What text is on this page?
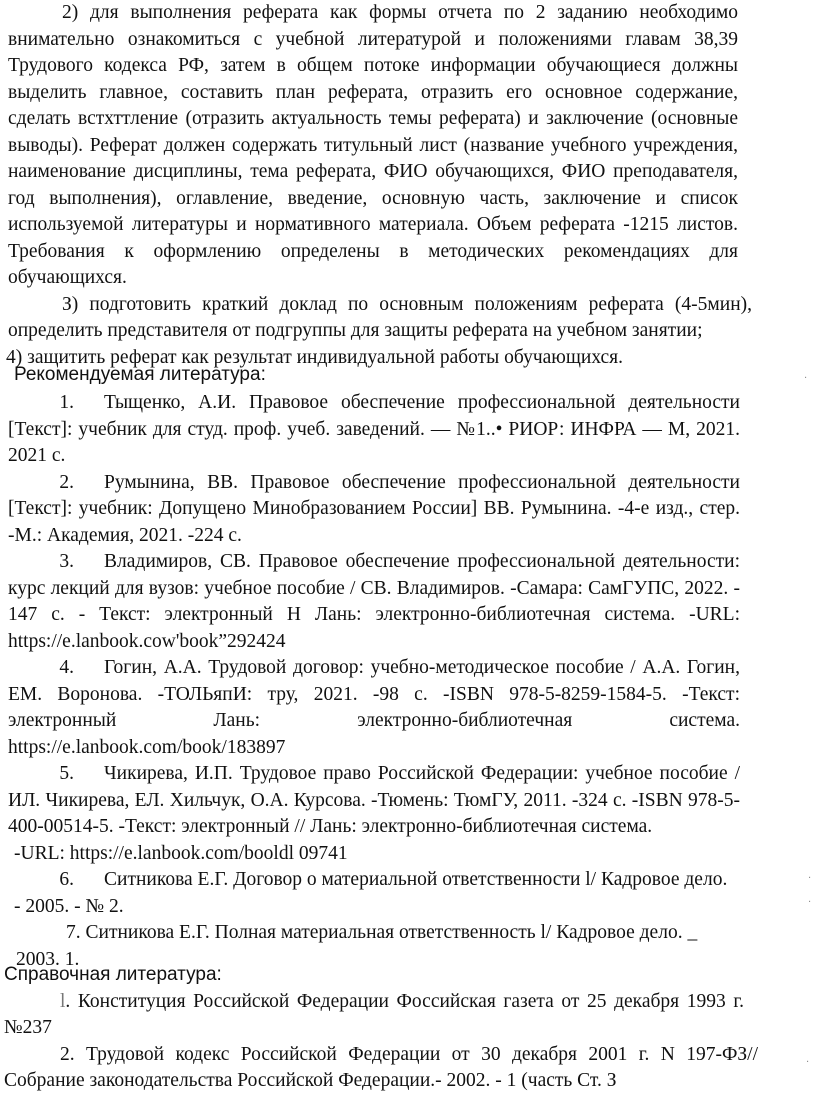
2) для выполнения реферата как формы отчета по 2 заданию необходимо внимательно ознакомиться с учебной литературой и положениями главам 38,39 Трудового кодекса РФ, затем в общем потоке информации обучающиеся должны выделить главное, составить план реферата, отразить его основное содержание, сделать встхттление (отразить актуальность темы реферата) и заключение (основные выводы). Реферат должен содержать титульный лист (название учебного учреждения, наименование дисциплины, тема реферата, ФИО обучающихся, ФИО преподавателя, год выполнения), оглавление, введение, основную часть, заключение и список используемой литературы и нормативного материала. Объем реферата -1215 листов. Требования к оформлению определены в методических рекомендациях для обучающихся.

З) подготовить краткий доклад по основным положениям реферата (4-5мин), определить представителя от подгруппы для защиты реферата на учебном занятии;

4) защитить реферат как результат индивидуальной работы обучающихся.

Рекомендуемая литература:

1. Тыщенко, А.И. Правовое обеспечение профессиональной деятельности [Текст]: учебник для студ. проф. учеб. заведений. — №1..• РИОР: ИНФРА — М, 2021. 2021 с.

2. Румынина, ВВ. Правовое обеспечение профессиональной деятельности [Текст]: учебник: Допущено Минобразованием России] ВВ. Румынина. -4-е изд., стер. -М.: Академия, 2021. -224 с.

3. Владимиров, СВ. Правовое обеспечение профессиональной деятельности: курс лекций для вузов: учебное пособие / СВ. Владимиров. -Самара: СамГУПС, 2022. - 147 с. - Текст: электронный Н Лань: электронно-библиотечная система. -URL: https://e.lanbook.cow'book”292424

4. Гогин, А.А. Трудовой договор: учебно-методическое пособие / А.А. Гогин, ЕМ. Воронова. -ТОЛЬяпИ: тру, 2021. -98 с. -ISBN 978-5-8259-1584-5. -Текст: электронный Лань: электронно-библиотечная система. https://e.lanbook.com/book/183897

5. Чикирева, И.П. Трудовое право Российской Федерации: учебное пособие / ИЛ. Чикирева, ЕЛ. Хильчук, О.А. Курсова. -Тюмень: ТюмГУ, 2011. -324 с. -ISBN 978-5-400-00514-5. -Текст: электронный // Лань: электронно-библиотечная система.

-URL: https://e.lanbook.com/booldl 09741

6. Ситникова Е.Г. Договор о материальной ответственности l/ Кадровое дело.

- 2005. - № 2.

7. Ситникова Е.Г. Полная материальная ответственность l/ Кадровое дело. _

2003. 1.

Справочная литература:

l. Конституция Российской Федерации Фоссийская газета от 25 декабря 1993 г. №237

2. Трудовой кодекс Российской Федерации от 30 декабря 2001 г. N 197-ФЗ// Собрание законодательства Российской Федерации.- 2002. - 1 (часть Ст. З

·
·
·
·
